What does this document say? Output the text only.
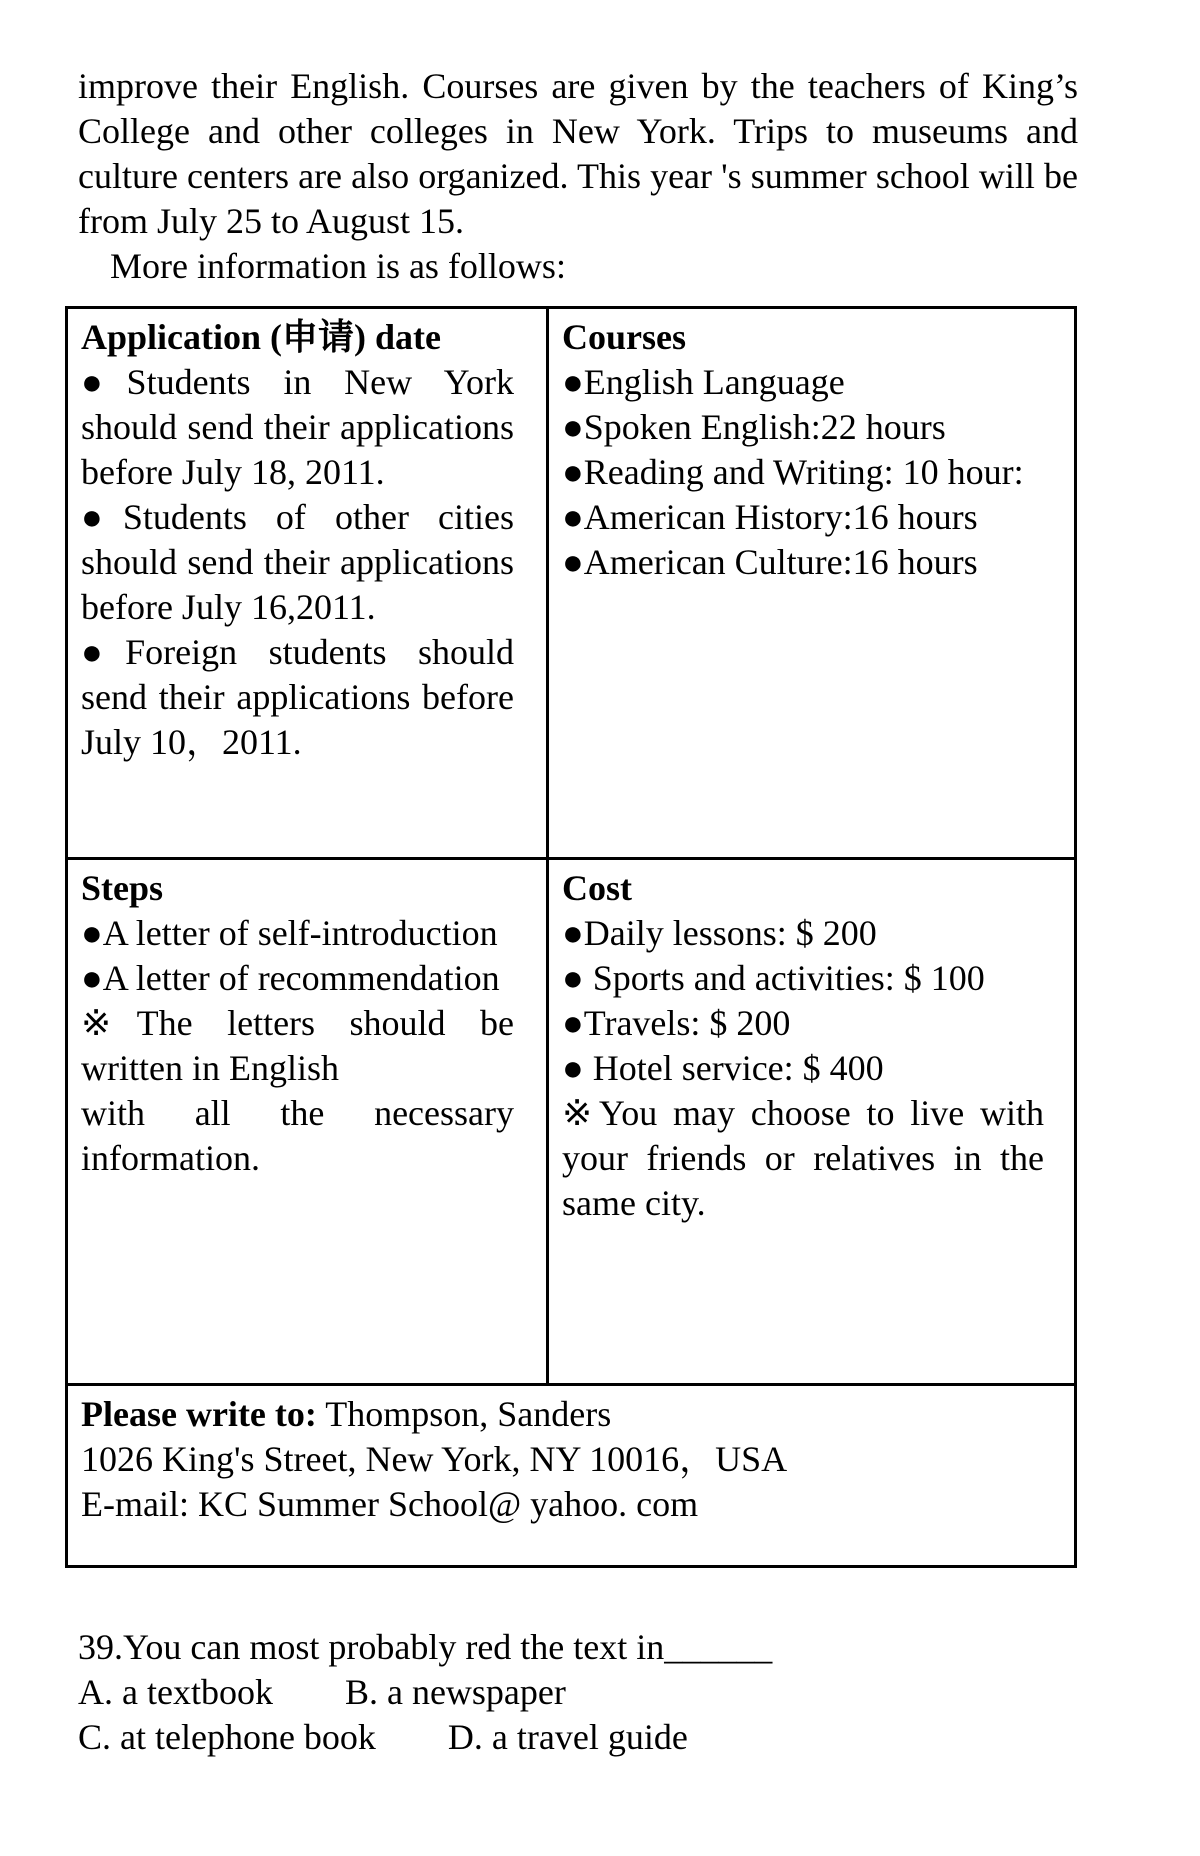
improve their English. Courses are given by the teachers of King’s College and other colleges in New York. Trips to museums and culture centers are also organized. This year 's summer school will be from July 25 to August 15.

More information is as follows:

Application (申请) date
●Students in New York should send their applications before July 18, 2011.
●Students of other cities should send their applications before July 16,2011.
●Foreign students should send their applications before July 10，2011.

Courses
●English Language
●Spoken English:22 hours
●Reading and Writing: 10 hour:
●American History:16 hours
●American Culture:16 hours

Steps
●A letter of self-introduction
●A letter of recommendation
※The letters should be written in English
with all the necessary information.

Cost
●Daily lessons: $ 200
● Sports and activities: $ 100
●Travels: $ 200
● Hotel service: $ 400
※You may choose to live with your friends or relatives in the same city.

Please write to: Thompson, Sanders
1026 King's Street, New York, NY 10016，USA
E-mail: KC Summer School@ yahoo. com	

39.You can most probably red the text in______

A. a textbook        B. a newspaper

C. at telephone book        D. a travel guide
